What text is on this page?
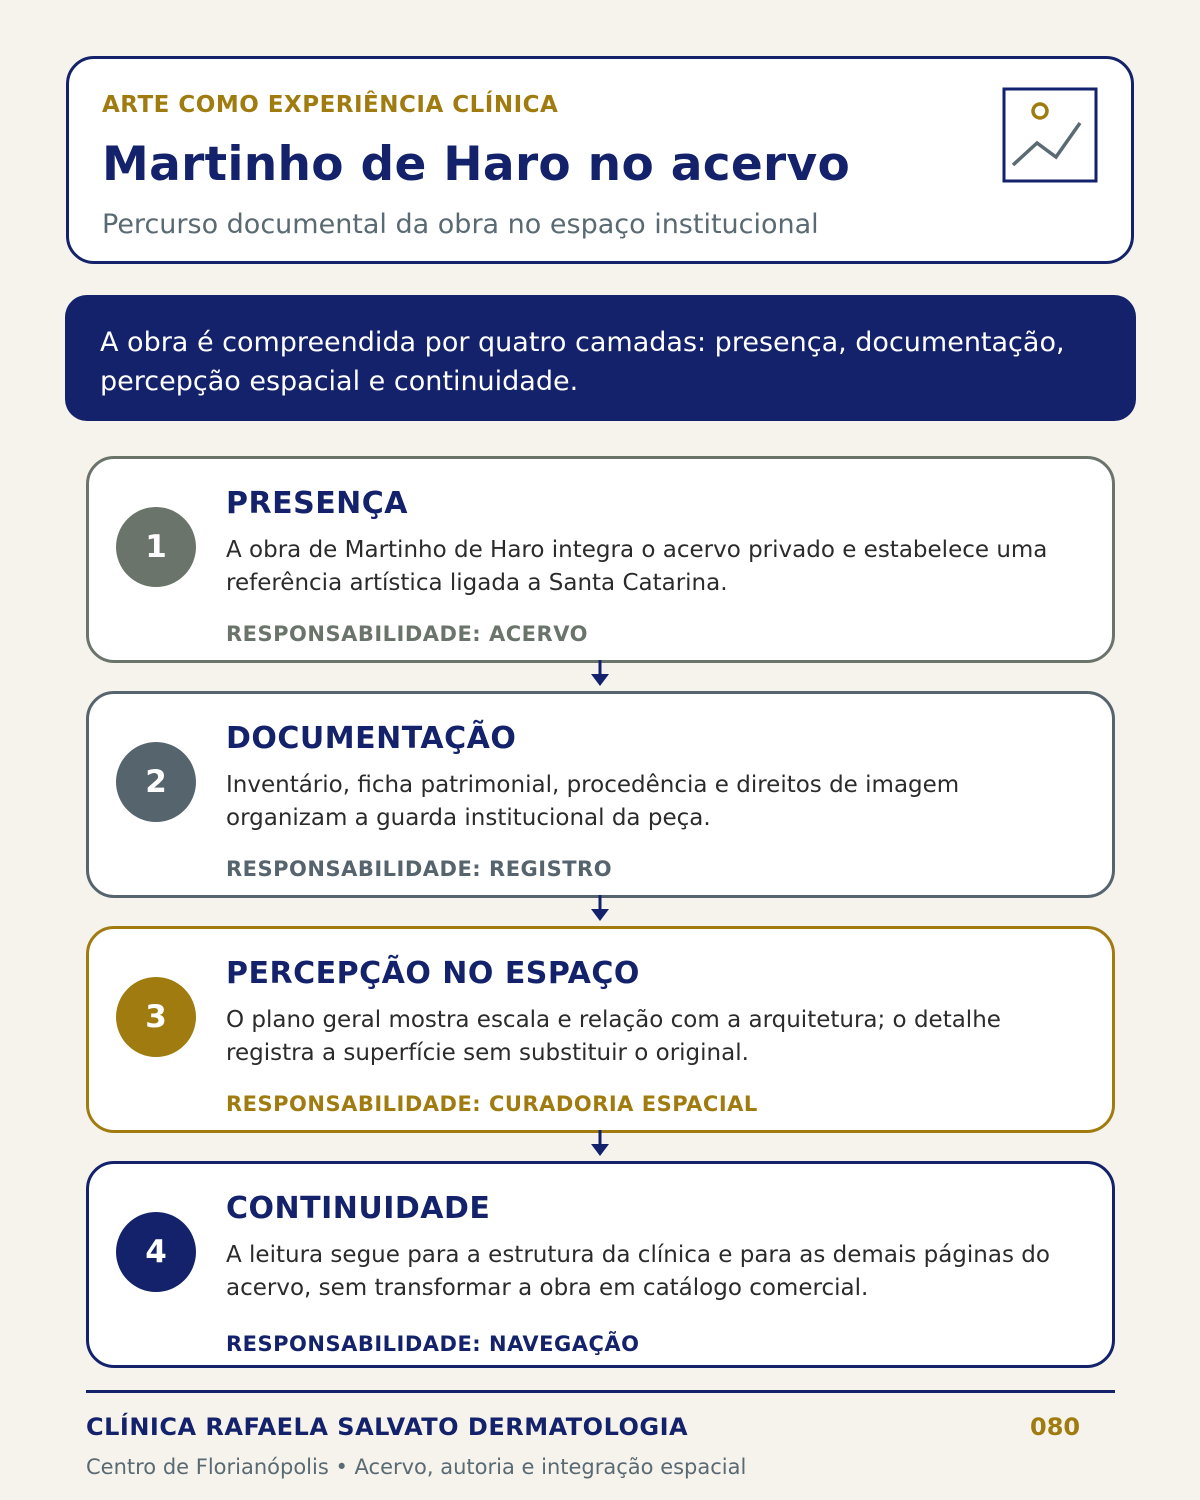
ARTE COMO EXPERIÊNCIA CLÍNICA
Martinho de Haro no acervo
Percurso documental da obra no espaço institucional
A obra é compreendida por quatro camadas: presença, documentação, percepção espacial e continuidade.
1
PRESENÇA
A obra de Martinho de Haro integra o acervo privado e estabelece uma referência artística ligada a Santa Catarina.
RESPONSABILIDADE: ACERVO
2
DOCUMENTAÇÃO
Inventário, ficha patrimonial, procedência e direitos de imagem organizam a guarda institucional da peça.
RESPONSABILIDADE: REGISTRO
3
PERCEPÇÃO NO ESPAÇO
O plano geral mostra escala e relação com a arquitetura; o detalhe registra a superfície sem substituir o original.
RESPONSABILIDADE: CURADORIA ESPACIAL
4
CONTINUIDADE
A leitura segue para a estrutura da clínica e para as demais páginas do acervo, sem transformar a obra em catálogo comercial.
RESPONSABILIDADE: NAVEGAÇÃO
CLÍNICA RAFAELA SALVATO DERMATOLOGIA	080
Centro de Florianópolis • Acervo, autoria e integração espacial
